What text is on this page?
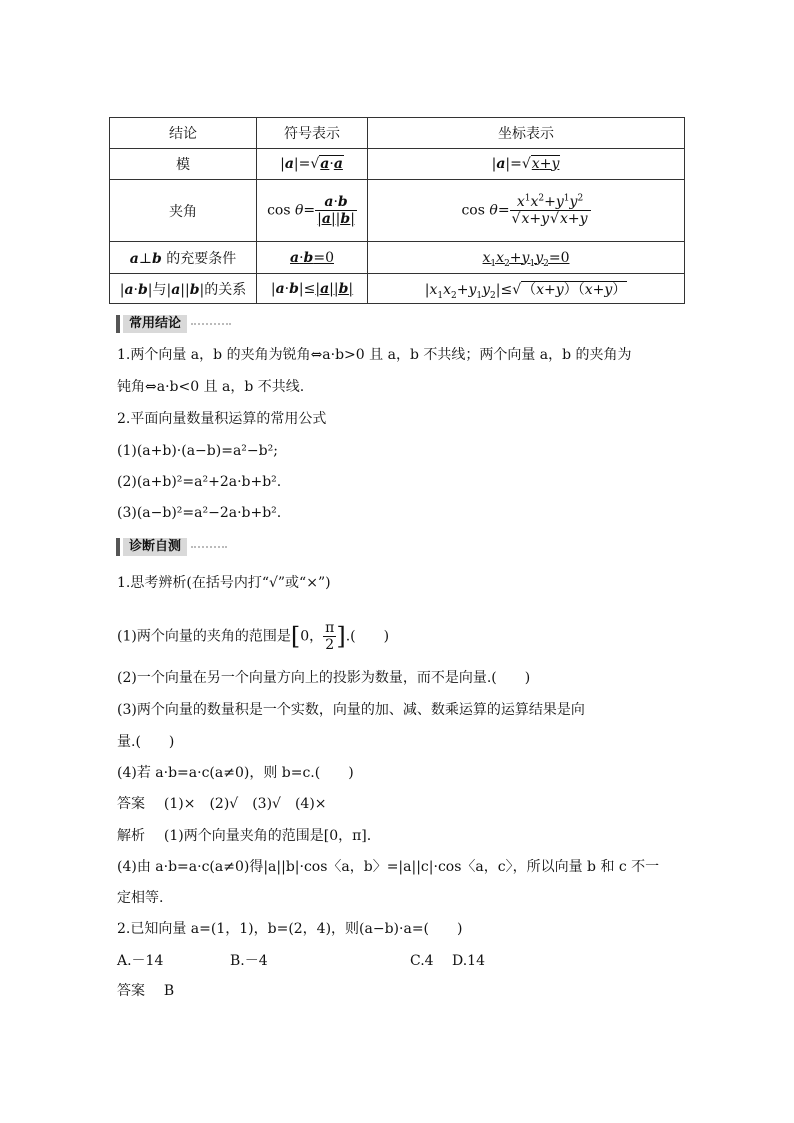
结论	符号表示	坐标表示
模	|a|=√a·a	|a|=√x+y
夹角	$\cos \theta= \frac{a\cdot b}{|a||b|}$	$\cos \theta= \frac{x^1x^2+y^1y^2}{√x+y√x+y}$

a⊥b 的充要条件	a·b=0	$x_1x_2+y_1y_2=0$
|a·b|与|a||b|的关系	|a·b|≤|a||b|	$|x_1x_2+y_1y_2|\le√(x+y)(x+y)$
常用结论
1.两个向量 a，b 的夹角为锐角⇔a·b>0 且 a，b 不共线；两个向量 a，b 的夹角为
钝角⇔a·b<0 且 a，b 不共线.
2.平面向量数量积运算的常用公式
(1)(a+b)·(a−b)=a²−b²;
(2)(a+b)²=a²+2a·b+b².
(3)(a−b)²=a²−2a·b+b².
诊断自测
1.思考辨析(在括号内打“√”或“×”)
(1)两个向量的夹角的范围是[0， $\frac{\pi}{2}$ ].(　　)
(2)一个向量在另一个向量方向上的投影为数量，而不是向量.(　　)
(3)两个向量的数量积是一个实数，向量的加、减、数乘运算的运算结果是向
量.(　　)
(4)若 a·b=a·c(a≠0)，则 b=c.(　　)
答案 (1)×　(2)√　(3)√　(4)×
解析 (1)两个向量夹角的范围是[0，π].
(4)由 a·b=a·c(a≠0)得|a||b|·cos〈a，b〉=|a||c|·cos〈a，c〉，所以向量 b 和 c 不一
定相等.
2.已知向量 a=(1，1)，b=(2，4)，则(a−b)·a=(　　)
A.－14	B.－4	C.4 D.14
答案 B
